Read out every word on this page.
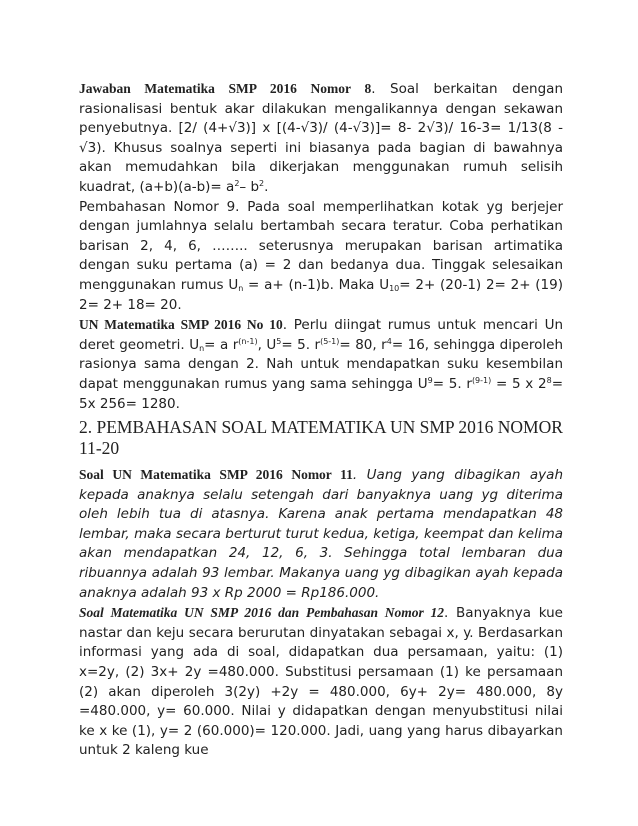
Jawaban Matematika SMP 2016 Nomor 8. Soal berkaitan dengan rasionalisasi bentuk akar dilakukan mengalikannya dengan sekawan penyebutnya. [2/ (4+√3)] x [(4-√3)/ (4-√3)]= 8- 2√3)/ 16-3= 1/13(8 - √3). Khusus soalnya seperti ini biasanya pada bagian di bawahnya akan memudahkan bila dikerjakan menggunakan rumuh selisih kuadrat, $(a+b)(a-b)= a^2-$ $b^2$.

Pembahasan Nomor 9. Pada soal memperlihatkan kotak yg berjejer dengan jumlahnya selalu bertambah secara teratur. Coba perhatikan barisan 2, 4, 6, …….. seterusnya merupakan barisan artimatika dengan suku pertama (a) = 2 dan bedanya dua. Tinggak selesaikan menggunakan rumus $U_n = a+ (n-1)b$. Maka $U_{10}= 2+ (20-1)$ 2= 2+ (19) 2= 2+ 18= 20.

UN Matematika SMP 2016 No 10. Perlu diingat rumus untuk mencari Un deret geometri. $U_n= a$ $r^{(n-1)}$, $U^5= 5$. $r^{(5-1)}= 80$, $r^4= 16$, sehingga diperoleh rasionya sama dengan 2. Nah untuk mendapatkan suku kesembilan dapat menggunakan rumus yang sama sehingga $U^9= 5$. $r^{(9-1)} = 5$ x $2^8= 5x$ 256= 1280.

2. PEMBAHASAN SOAL MATEMATIKA UN SMP 2016 NOMOR 11-20

Soal UN Matematika SMP 2016 Nomor 11. Uang yang dibagikan ayah kepada anaknya selalu setengah dari banyaknya uang yg diterima oleh lebih tua di atasnya. Karena anak pertama mendapatkan 48 lembar, maka secara berturut turut kedua, ketiga, keempat dan kelima akan mendapatkan 24, 12, 6, 3. Sehingga total lembaran dua ribuannya adalah 93 lembar. Makanya uang yg dibagikan ayah kepada anaknya adalah 93 x Rp 2000 = Rp186.000.

Soal Matematika UN SMP 2016 dan Pembahasan Nomor 12. Banyaknya kue nastar dan keju secara berurutan dinyatakan sebagai x, y. Berdasarkan informasi yang ada di soal, didapatkan dua persamaan, yaitu: (1) x=2y, (2) 3x+ 2y =480.000. Substitusi persamaan (1) ke persamaan (2) akan diperoleh 3(2y) +2y = 480.000, 6y+ 2y= 480.000, 8y =480.000, y= 60.000. Nilai y didapatkan dengan menyubstitusi nilai ke x ke (1), y= 2 (60.000)= 120.000. Jadi, uang yang harus dibayarkan untuk 2 kaleng kue
